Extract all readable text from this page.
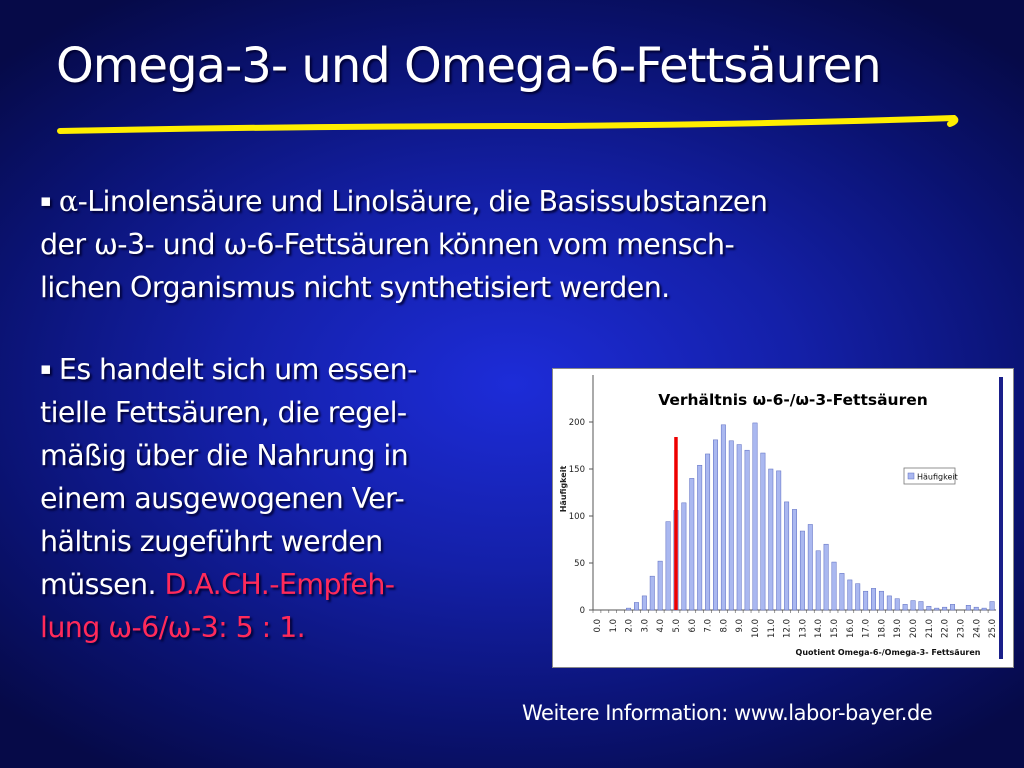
Omega-3- und Omega-6-Fettsäuren

▪ α-Linolensäure und Linolsäure, die Basissubstanzen
der ω-3- und ω-6-Fettsäuren können vom mensch-
lichen Organismus nicht synthetisiert werden.

▪ Es handelt sich um essen-
tielle Fettsäuren, die regel-
mäßig über die Nahrung in
einem ausgewogenen Ver-
hältnis zugeführt werden
müssen. D.A.CH.-Empfeh-
lung ω-6/ω-3: 5 : 1.	0
50
100
150
200
0.0 1.0 2.0 3.0 4.0 5.0 6.0 7.0 8.0 9.0 10.0 11.0 12.0 13.0 14.0 15.0 16.0 17.0 18.0 19.0 20.0 21.0 22.0 23.0 24.0 25.0
Verhältnis ω-6-/ω-3-Fettsäuren
Häufigkeit
Quotient Omega-6-/Omega-3- Fettsäuren
Häufigkeit

Weitere Information: www.labor-bayer.de
